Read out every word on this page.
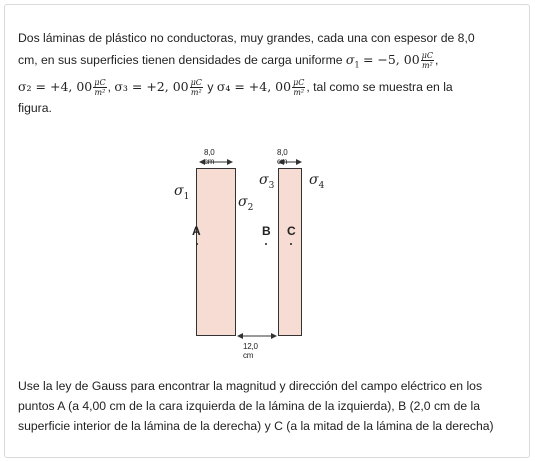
Dos láminas de plástico no conductoras, muy grandes, cada una con espesor de 8,0
cm, en sus superficies tienen densidades de carga uniforme $\sigma_1 = -5$, $00 \frac{\mu C}{\text{m²}}$ ,
σ₂ = +4, $00 \frac{\mu C}{\text{m²}}$ , σ₃ = +2, $00 \frac{\mu C}{\text{m²}}$ y σ₄ = +4, $00 \frac{\mu C}{\text{m²}}$ , tal como se muestra en la
figura.
8,0 cm
8,0 cm
12,0 cm
$\sigma_1$	$\sigma_2$
$\sigma_3$ $\sigma_4$
A	B C
Use la ley de Gauss para encontrar la magnitud y dirección del campo eléctrico en los
puntos A (a 4,00 cm de la cara izquierda de la lámina de la izquierda), B (2,0 cm de la
superficie interior de la lámina de la derecha) y C (a la mitad de la lámina de la derecha)
